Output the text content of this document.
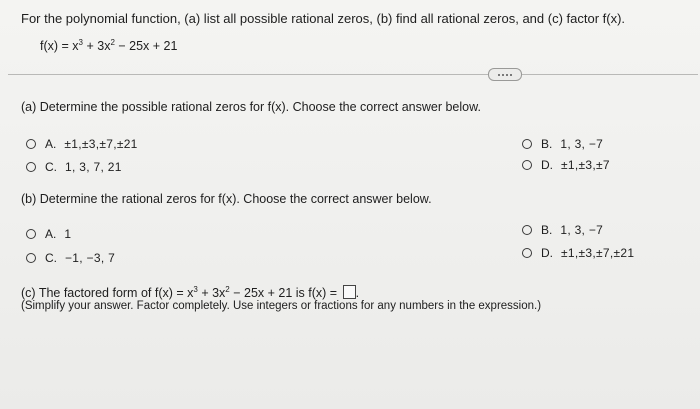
For the polynomial function, (a) list all possible rational zeros, (b) find all rational zeros, and (c) factor f(x).
$f(x) = x^3 + 3x^2 - 25x + 21$
(a) Determine the possible rational zeros for f(x). Choose the correct answer below.
A. ±1,±3,±7,±21	B. 1, 3, −7
C. 1, 3, 7, 21	D. ±1,±3,±7
(b) Determine the rational zeros for f(x). Choose the correct answer below.
A. 1	B. 1, 3, −7
C. −1, −3, 7	D. ±1,±3,±7,±21
(c) The factored form of $f(x) = x^3 + 3x^2 - 25x + 21$ is f(x) = .
(Simplify your answer. Factor completely. Use integers or fractions for any numbers in the expression.)
